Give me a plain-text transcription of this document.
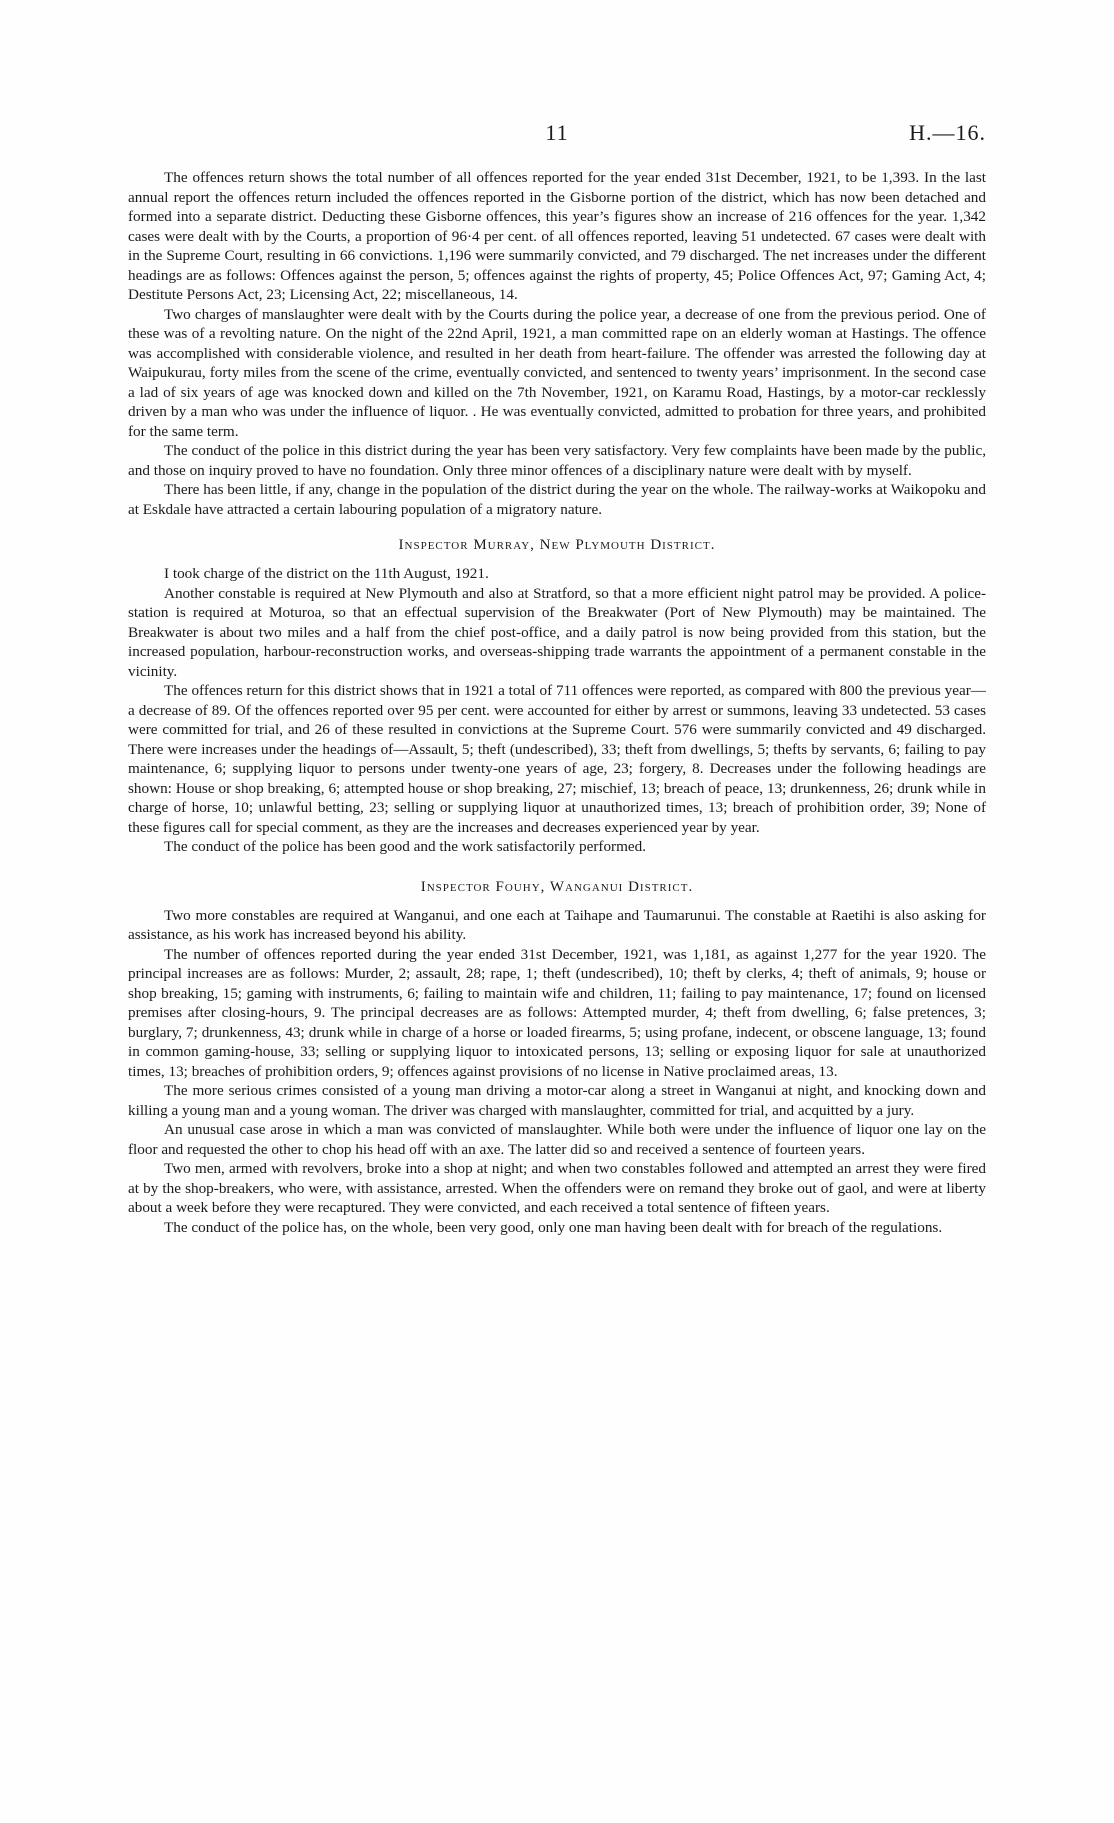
11	H.—16.

The offences return shows the total number of all offences reported for the year ended 31st December, 1921, to be 1,393. In the last annual report the offences return included the offences reported in the Gisborne portion of the district, which has now been detached and formed into a separate district. Deducting these Gisborne offences, this year’s figures show an increase of 216 offences for the year. 1,342 cases were dealt with by the Courts, a proportion of 96·4 per cent. of all offences reported, leaving 51 undetected. 67 cases were dealt with in the Supreme Court, resulting in 66 convictions. 1,196 were summarily convicted, and 79 discharged. The net increases under the different headings are as follows: Offences against the person, 5; offences against the rights of property, 45; Police Offences Act, 97; Gaming Act, 4; Destitute Persons Act, 23; Licensing Act, 22; miscellaneous, 14.

Two charges of manslaughter were dealt with by the Courts during the police year, a decrease of one from the previous period. One of these was of a revolting nature. On the night of the 22nd April, 1921, a man committed rape on an elderly woman at Hastings. The offence was accomplished with considerable violence, and resulted in her death from heart-failure. The offender was arrested the following day at Waipukurau, forty miles from the scene of the crime, eventually convicted, and sentenced to twenty years’ imprisonment. In the second case a lad of six years of age was knocked down and killed on the 7th November, 1921, on Karamu Road, Hastings, by a motor-car recklessly driven by a man who was under the influence of liquor. . He was eventually convicted, admitted to probation for three years, and prohibited for the same term.

The conduct of the police in this district during the year has been very satisfactory. Very few complaints have been made by the public, and those on inquiry proved to have no foundation. Only three minor offences of a disciplinary nature were dealt with by myself.

There has been little, if any, change in the population of the district during the year on the whole. The railway-works at Waikopoku and at Eskdale have attracted a certain labouring population of a migratory nature.

Inspector Murray, New Plymouth District.

I took charge of the district on the 11th August, 1921.

Another constable is required at New Plymouth and also at Stratford, so that a more efficient night patrol may be provided. A police-station is required at Moturoa, so that an effectual supervision of the Breakwater (Port of New Plymouth) may be maintained. The Breakwater is about two miles and a half from the chief post-office, and a daily patrol is now being provided from this station, but the increased population, harbour-reconstruction works, and overseas-shipping trade warrants the appointment of a permanent constable in the vicinity.

The offences return for this district shows that in 1921 a total of 711 offences were reported, as compared with 800 the previous year—a decrease of 89. Of the offences reported over 95 per cent. were accounted for either by arrest or summons, leaving 33 undetected. 53 cases were committed for trial, and 26 of these resulted in convictions at the Supreme Court. 576 were summarily convicted and 49 discharged. There were increases under the headings of—Assault, 5; theft (undescribed), 33; theft from dwellings, 5; thefts by servants, 6; failing to pay maintenance, 6; supplying liquor to persons under twenty-one years of age, 23; forgery, 8. Decreases under the following headings are shown: House or shop breaking, 6; attempted house or shop breaking, 27; mischief, 13; breach of peace, 13; drunkenness, 26; drunk while in charge of horse, 10; unlawful betting, 23; selling or supplying liquor at unauthorized times, 13; breach of prohibition order, 39; None of these figures call for special comment, as they are the increases and decreases experienced year by year.

The conduct of the police has been good and the work satisfactorily performed.

Inspector Fouhy, Wanganui District.

Two more constables are required at Wanganui, and one each at Taihape and Taumarunui. The constable at Raetihi is also asking for assistance, as his work has increased beyond his ability.

The number of offences reported during the year ended 31st December, 1921, was 1,181, as against 1,277 for the year 1920. The principal increases are as follows: Murder, 2; assault, 28; rape, 1; theft (undescribed), 10; theft by clerks, 4; theft of animals, 9; house or shop breaking, 15; gaming with instruments, 6; failing to maintain wife and children, 11; failing to pay maintenance, 17; found on licensed premises after closing-hours, 9. The principal decreases are as follows: Attempted murder, 4; theft from dwelling, 6; false pretences, 3; burglary, 7; drunkenness, 43; drunk while in charge of a horse or loaded firearms, 5; using profane, indecent, or obscene language, 13; found in common gaming-house, 33; selling or supplying liquor to intoxicated persons, 13; selling or exposing liquor for sale at unauthorized times, 13; breaches of prohibition orders, 9; offences against provisions of no license in Native proclaimed areas, 13.

The more serious crimes consisted of a young man driving a motor-car along a street in Wanganui at night, and knocking down and killing a young man and a young woman. The driver was charged with manslaughter, committed for trial, and acquitted by a jury.

An unusual case arose in which a man was convicted of manslaughter. While both were under the influence of liquor one lay on the floor and requested the other to chop his head off with an axe. The latter did so and received a sentence of fourteen years.

Two men, armed with revolvers, broke into a shop at night; and when two constables followed and attempted an arrest they were fired at by the shop-breakers, who were, with assistance, arrested. When the offenders were on remand they broke out of gaol, and were at liberty about a week before they were recaptured. They were convicted, and each received a total sentence of fifteen years.

The conduct of the police has, on the whole, been very good, only one man having been dealt with for breach of the regulations.
